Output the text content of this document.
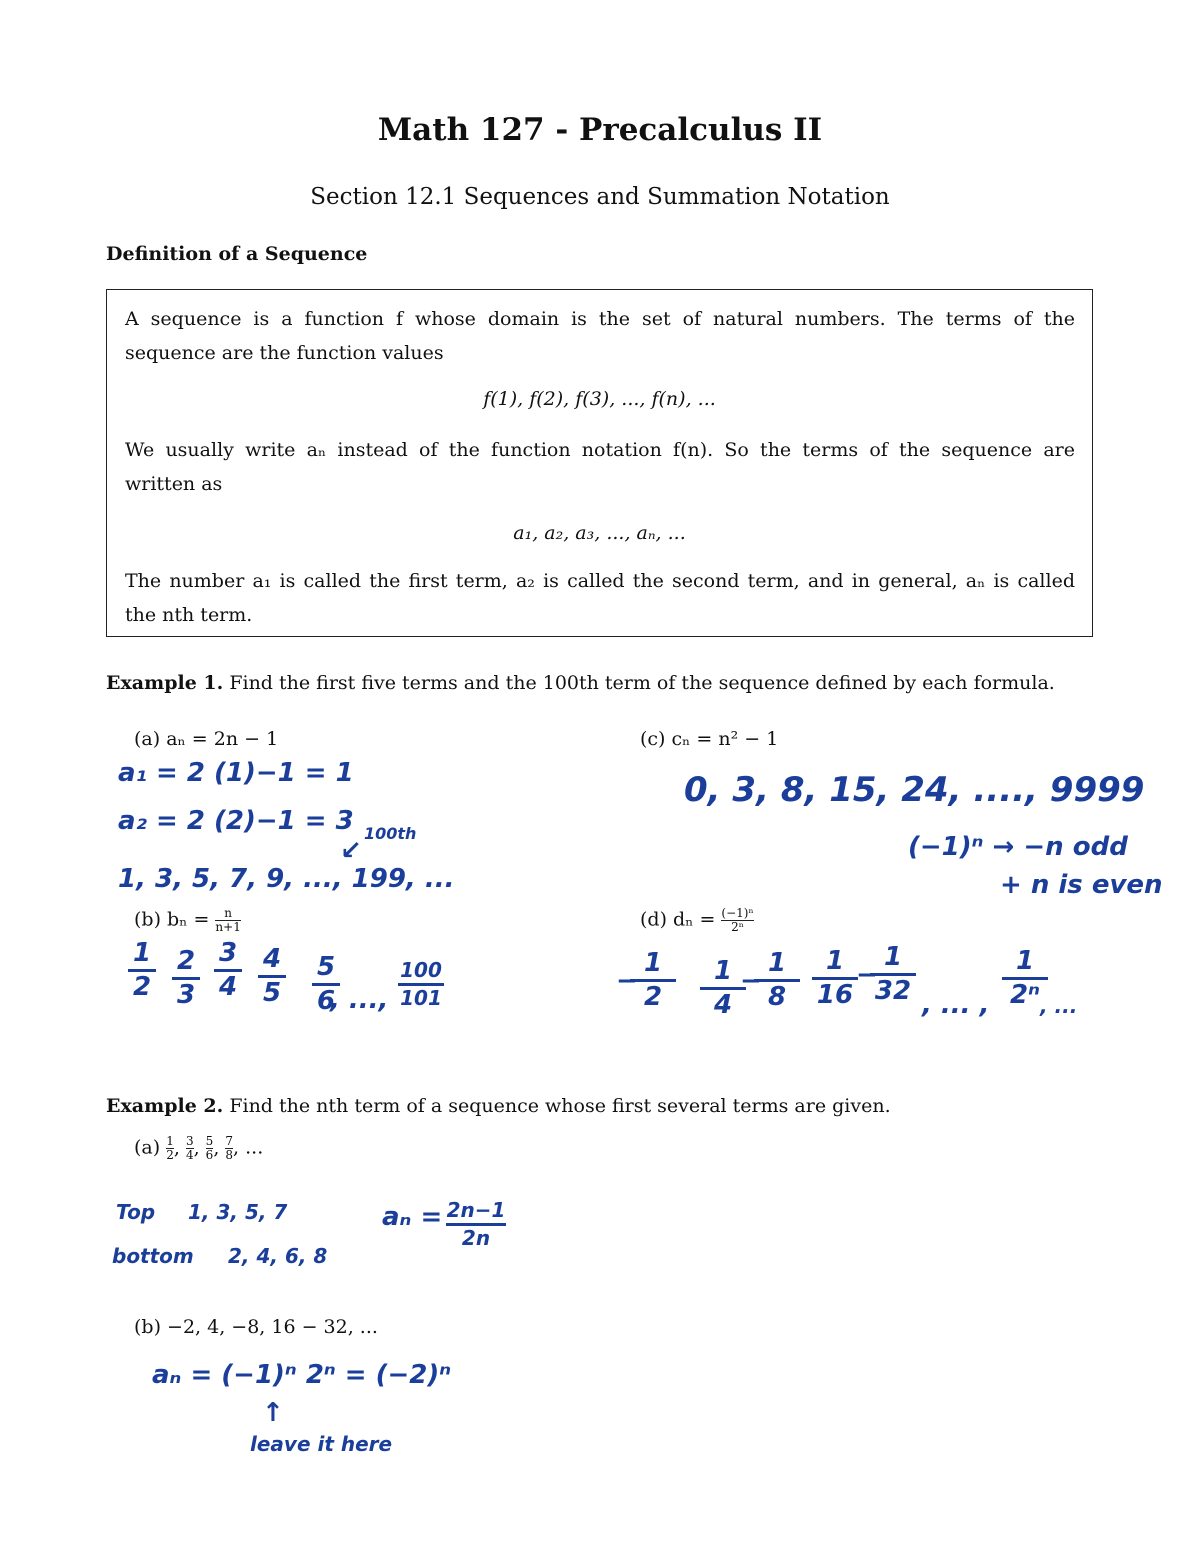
Math 127 - Precalculus II
Section 12.1 Sequences and Summation Notation
Definition of a Sequence
A sequence is a function f whose domain is the set of natural numbers. The terms of the
sequence are the function values
f(1), f(2), f(3), ..., f(n), ...
We usually write aₙ instead of the function notation f(n). So the terms of the sequence are
written as
a₁, a₂, a₃, ..., aₙ, ...
The number a₁ is called the first term, a₂ is called the second term, and in general, aₙ is called
the nth term.
Example 1. Find the first five terms and the 100th term of the sequence defined by each formula.
(a) aₙ = 2n − 1	(c) cₙ = n² − 1
(b) $b_n = \frac{n}{n+1}$	(d) $d_n = \frac{\text{(−1)ⁿ}}{\text{2ⁿ}}$
a₁ = 2 (1)−1 = 1
a₂ = 2 (2)−1 = 3 100th
↙
1, 3, 5, 7, 9, ..., 199, ...
1
2
2
3
3
4
4
5
5
6
100
101
, ...,
0, 3, 8, 15, 24, ...., 9999
(−1)ⁿ → −n odd
+ n is even
1
2
−	1
4
1
8
−
1
16
1
32
−	1
2ⁿ
, ... ,	, ...
Example 2. Find the nth term of a sequence whose first several terms are given.
$(a) \frac{1}{2}$ , $\frac{3}{4}$ , $\frac{5}{6}$ , $\frac{7}{8}$ , ...
Top 1, 3, 5, 7
bottom 2, 4, 6, 8
aₙ = 2n−1
2n
(b) −2, 4, −8, 16 − 32, ...
aₙ = (−1)ⁿ 2ⁿ = (−2)ⁿ
↑
leave it here
